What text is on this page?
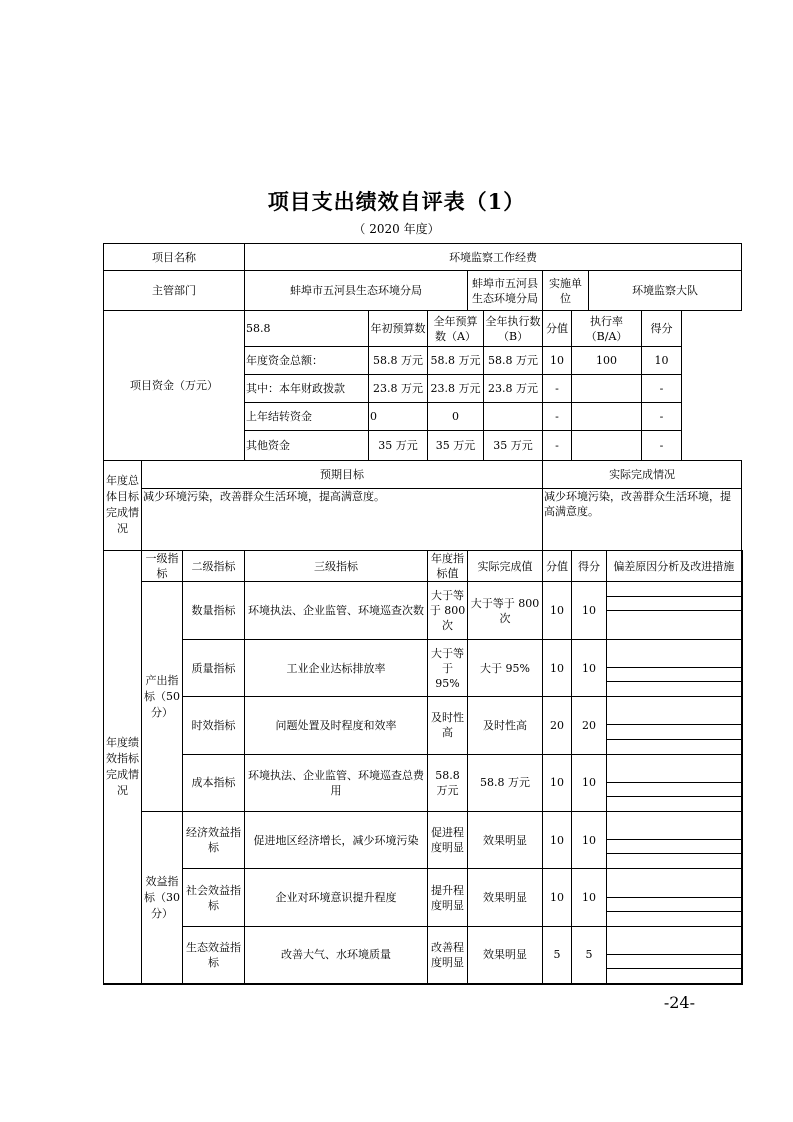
项目支出绩效自评表（1）
（ 2020 年度）
项目名称			环境监察工作经费									
主管部门			蚌埠市五河县生态环境分局			蚌埠市五河县生态环境分局		实施单位		环境监察大队		
项目资金（万元）			58.8	年初预算数	全年预算数（A）		全年执行数（B）	分值	执行率（B/A）			得分
			年度资金总额：	58.8 万元	58.8 万元		58.8 万元	10	100			10
			其中：本年财政拨款	23.8 万元	23.8 万元		23.8 万元	-				-
			上年结转资金	0	0			-				-
			其他资金	35 万元	35 万元		35 万元	-				-
年度总体目标完成情况	预期目标							实际完成情况				
	减少环境污染，改善群众生活环境，提高满意度。							减少环境污染，改善群众生活环境，提高满意度。				
年度绩效指标完成情况	一级指标	二级指标	三级指标		年度指标值	实际完成值		分值	得分		偏差原因分析及改进措施	
	产出指标（50 分）	数量指标	环境执法、企业监管、环境巡查次数		大于等于 800 次	大于等于 800 次		10	10			

		质量指标	工业企业达标排放率		大于等于 95%	大于 95%		10	10			

		时效指标	问题处置及时程度和效率		及时性高	及时性高		20	20			

		成本指标	环境执法、企业监管、环境巡查总费用		58.8 万元	58.8 万元		10	10			

	效益指标（30 分）	经济效益指标	促进地区经济增长，减少环境污染		促进程度明显	效果明显		10	10			

		社会效益指标	企业对环境意识提升程度		提升程度明显	效果明显		10	10			

		生态效益指标	改善大气、水环境质量		改善程度明显	效果明显		5	5			

-24-
